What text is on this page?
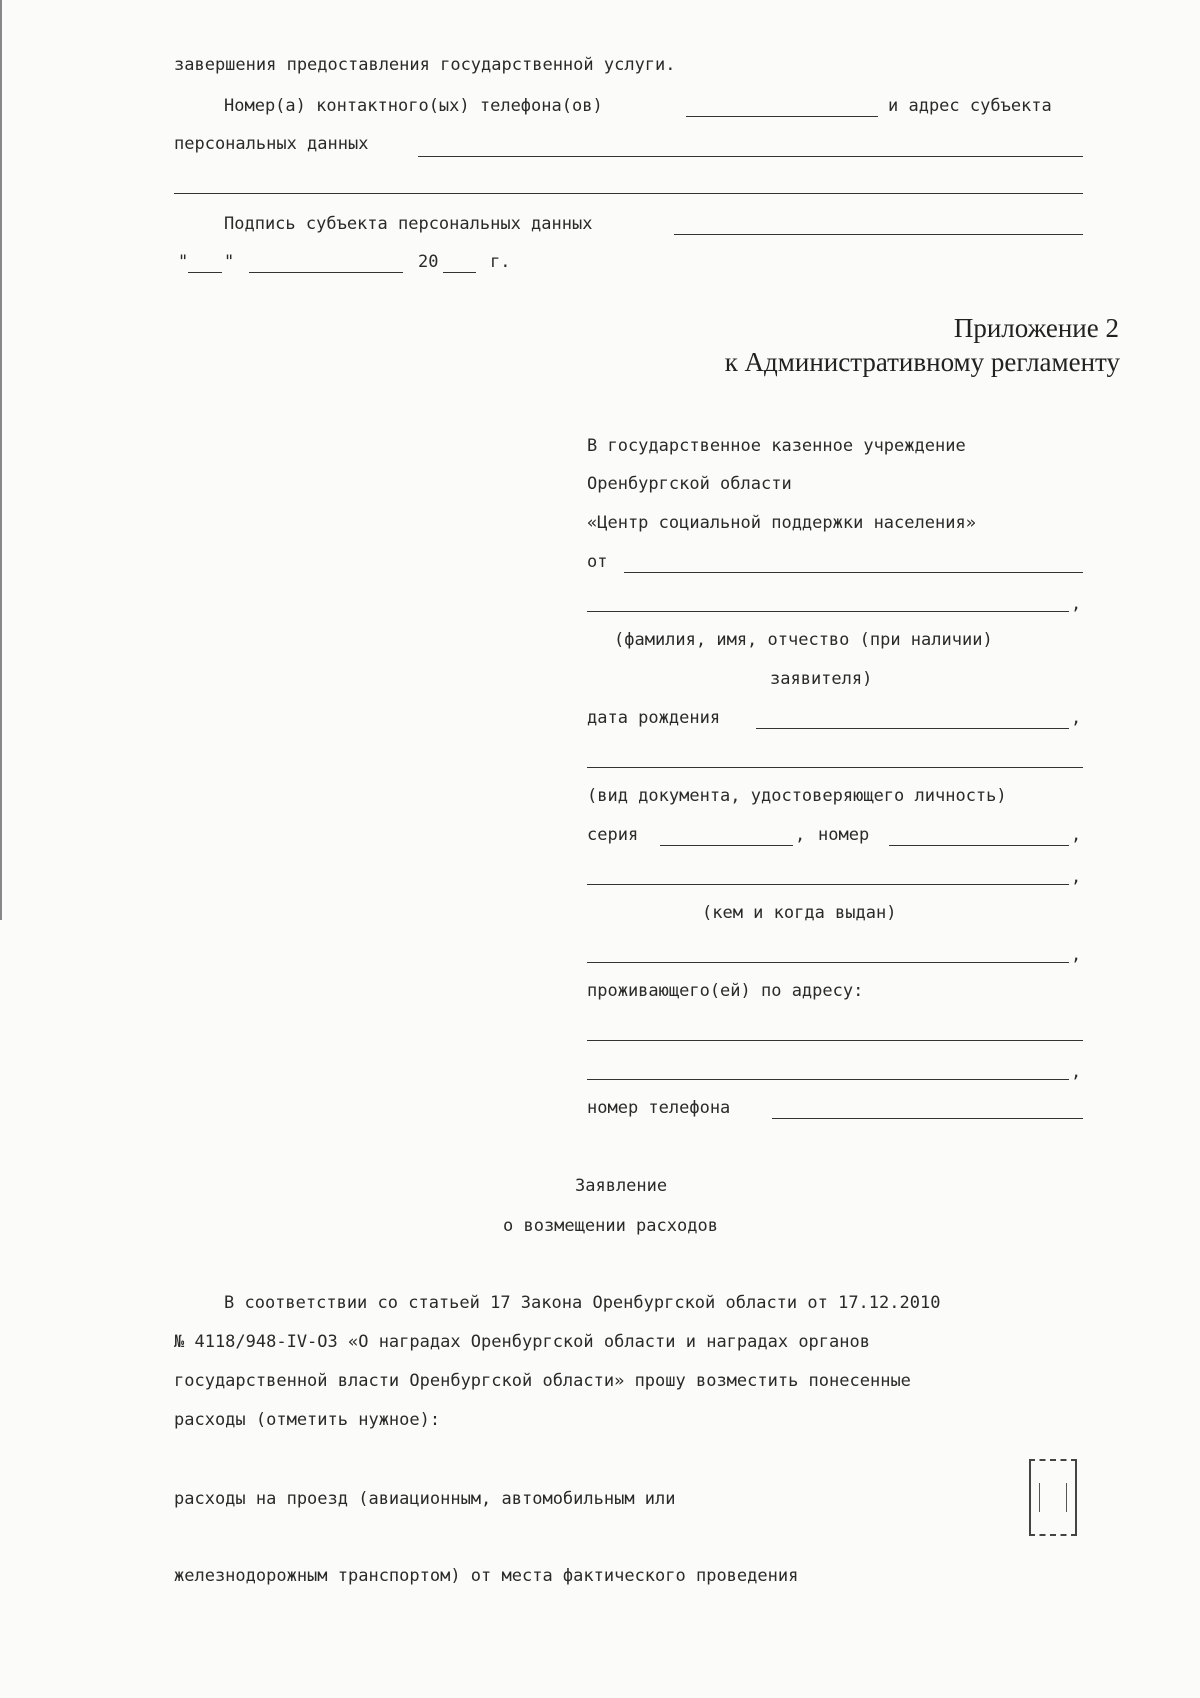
завершения предоставления государственной услуги.
Номер(а) контактного(ых) телефона(ов)	и адрес субъекта
персональных данных
Подпись субъекта персональных данных
" "	20	г.
Приложение 2
к Административному регламенту
В государственное казенное учреждение
Оренбургской области
«Центр социальной поддержки населения»
от
,
(фамилия, имя, отчество (при наличии)
заявителя)
дата рождения	,
(вид документа, удостоверяющего личность)
серия	, номер	,
,
(кем и когда выдан)
,
проживающего(ей) по адресу:
,
номер телефона
Заявление
о возмещении расходов
В соответствии со статьей 17 Закона Оренбургской области от 17.12.2010
№ 4118/948-IV-ОЗ «О наградах Оренбургской области и наградах органов
государственной власти Оренбургской области» прошу возместить понесенные
расходы (отметить нужное):
расходы на проезд (авиационным, автомобильным или
железнодорожным транспортом) от места фактического проведения
